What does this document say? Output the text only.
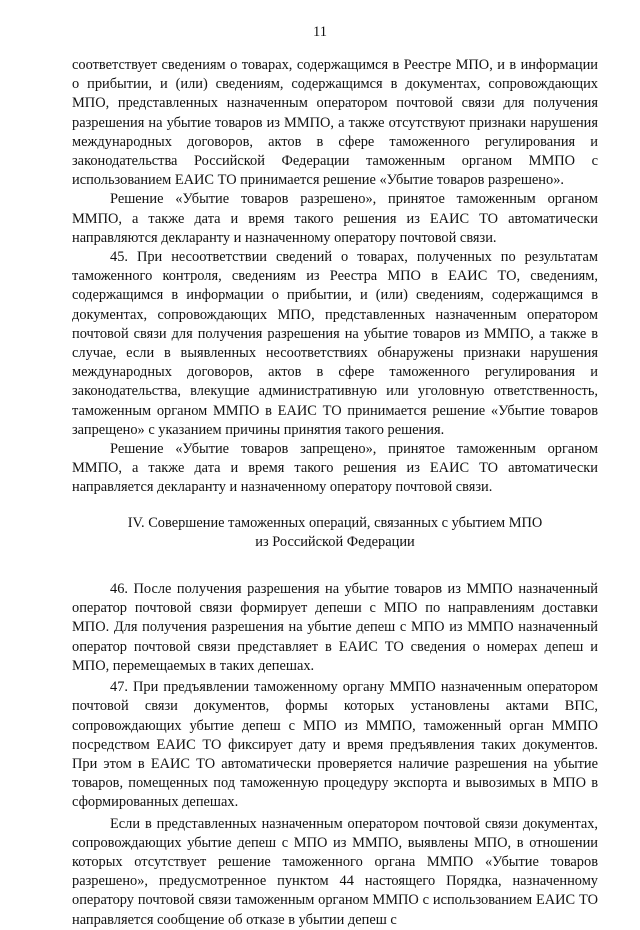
11

соответствует сведениям о товарах, содержащимся в Реестре МПО, и в информации о прибытии, и (или) сведениям, содержащимся в документах, сопровождающих МПО, представленных назначенным оператором почтовой связи для получения разрешения на убытие товаров из ММПО, а также отсутствуют признаки нарушения международных договоров, актов в сфере таможенного регулирования и законодательства Российской Федерации таможенным органом ММПО с использованием ЕАИС ТО принимается решение «Убытие товаров разрешено».

Решение «Убытие товаров разрешено», принятое таможенным органом ММПО, а также дата и время такого решения из ЕАИС ТО автоматически направляются декларанту и назначенному оператору почтовой связи.

45. При несоответствии сведений о товарах, полученных по результатам таможенного контроля, сведениям из Реестра МПО в ЕАИС ТО, сведениям, содержащимся в информации о прибытии, и (или) сведениям, содержащимся в документах, сопровождающих МПО, представленных назначенным оператором почтовой связи для получения разрешения на убытие товаров из ММПО, а также в случае, если в выявленных несоответствиях обнаружены признаки нарушения международных договоров, актов в сфере таможенного регулирования и законодательства, влекущие административную или уголовную ответственность, таможенным органом ММПО в ЕАИС ТО принимается решение «Убытие товаров запрещено» с указанием причины принятия такого решения.

Решение «Убытие товаров запрещено», принятое таможенным органом ММПО, а также дата и время такого решения из ЕАИС ТО автоматически направляется декларанту и назначенному оператору почтовой связи.

IV. Совершение таможенных операций, связанных с убытием МПО
из Российской Федерации

46. После получения разрешения на убытие товаров из ММПО назначенный оператор почтовой связи формирует депеши с МПО по направлениям доставки МПО. Для получения разрешения на убытие депеш с МПО из ММПО назначенный оператор почтовой связи представляет в ЕАИС ТО сведения о номерах депеш и МПО, перемещаемых в таких депешах.

47. При предъявлении таможенному органу ММПО назначенным оператором почтовой связи документов, формы которых установлены актами ВПС, сопровождающих убытие депеш с МПО из ММПО, таможенный орган ММПО посредством ЕАИС ТО фиксирует дату и время предъявления таких документов. При этом в ЕАИС ТО автоматически проверяется наличие разрешения на убытие товаров, помещенных под таможенную процедуру экспорта и вывозимых в МПО в сформированных депешах.

Если в представленных назначенным оператором почтовой связи документах, сопровождающих убытие депеш с МПО из ММПО, выявлены МПО, в отношении которых отсутствует решение таможенного органа ММПО «Убытие товаров разрешено», предусмотренное пунктом 44 настоящего Порядка, назначенному оператору почтовой связи таможенным органом ММПО с использованием ЕАИС ТО направляется сообщение об отказе в убытии депеш с
